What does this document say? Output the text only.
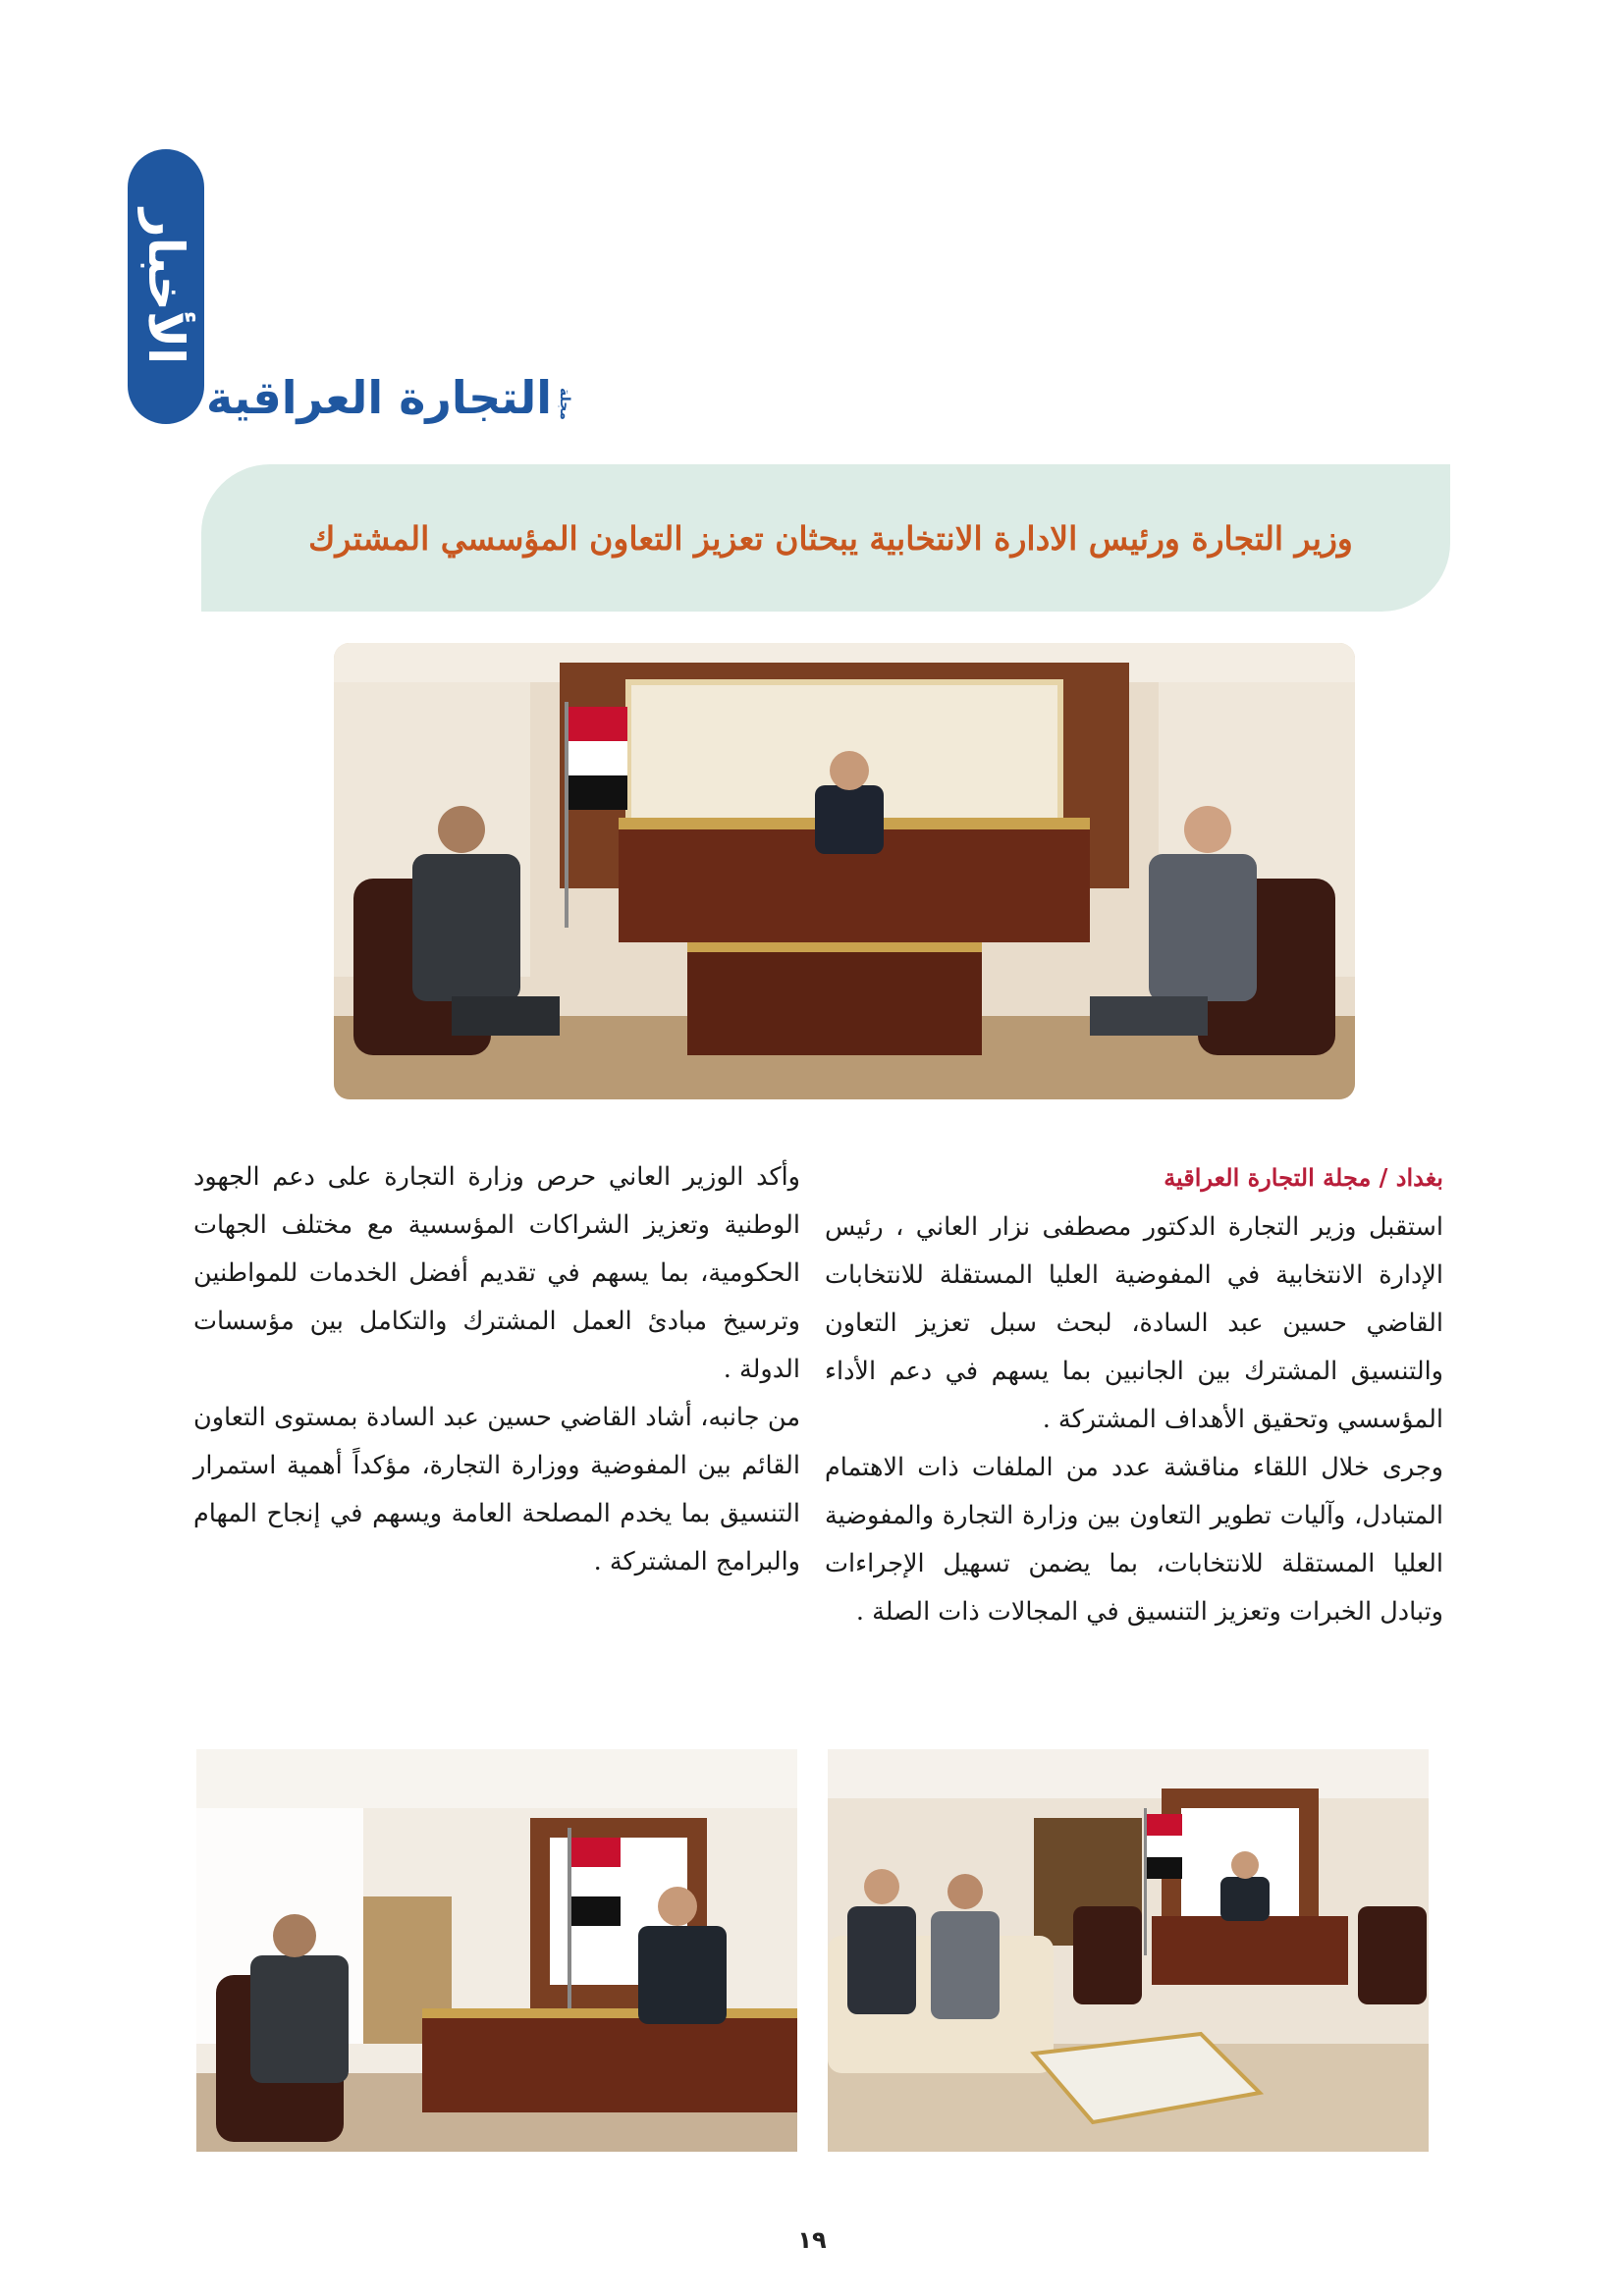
الأخبار
مجلة
التجارة العراقية
وزير التجارة ورئيس الادارة الانتخابية يبحثان تعزيز التعاون المؤسسي المشترك
بغداد / مجلة التجارة العراقية

استقبل وزير التجارة الدكتور مصطفى نزار العاني ، رئيس الإدارة الانتخابية في المفوضية العليا المستقلة للانتخابات القاضي حسين عبد السادة، لبحث سبل تعزيز التعاون والتنسيق المشترك بين الجانبين بما يسهم في دعم الأداء المؤسسي وتحقيق الأهداف المشتركة .

وجرى خلال اللقاء مناقشة عدد من الملفات ذات الاهتمام المتبادل، وآليات تطوير التعاون بين وزارة التجارة والمفوضية العليا المستقلة للانتخابات، بما يضمن تسهيل الإجراءات وتبادل الخبرات وتعزيز التنسيق في المجالات ذات الصلة .

وأكد الوزير العاني حرص وزارة التجارة على دعم الجهود الوطنية وتعزيز الشراكات المؤسسية مع مختلف الجهات الحكومية، بما يسهم في تقديم أفضل الخدمات للمواطنين وترسيخ مبادئ العمل المشترك والتكامل بين مؤسسات الدولة .

من جانبه، أشاد القاضي حسين عبد السادة بمستوى التعاون القائم بين المفوضية ووزارة التجارة، مؤكداً أهمية استمرار التنسيق بما يخدم المصلحة العامة ويسهم في إنجاح المهام والبرامج المشتركة .

١٩
